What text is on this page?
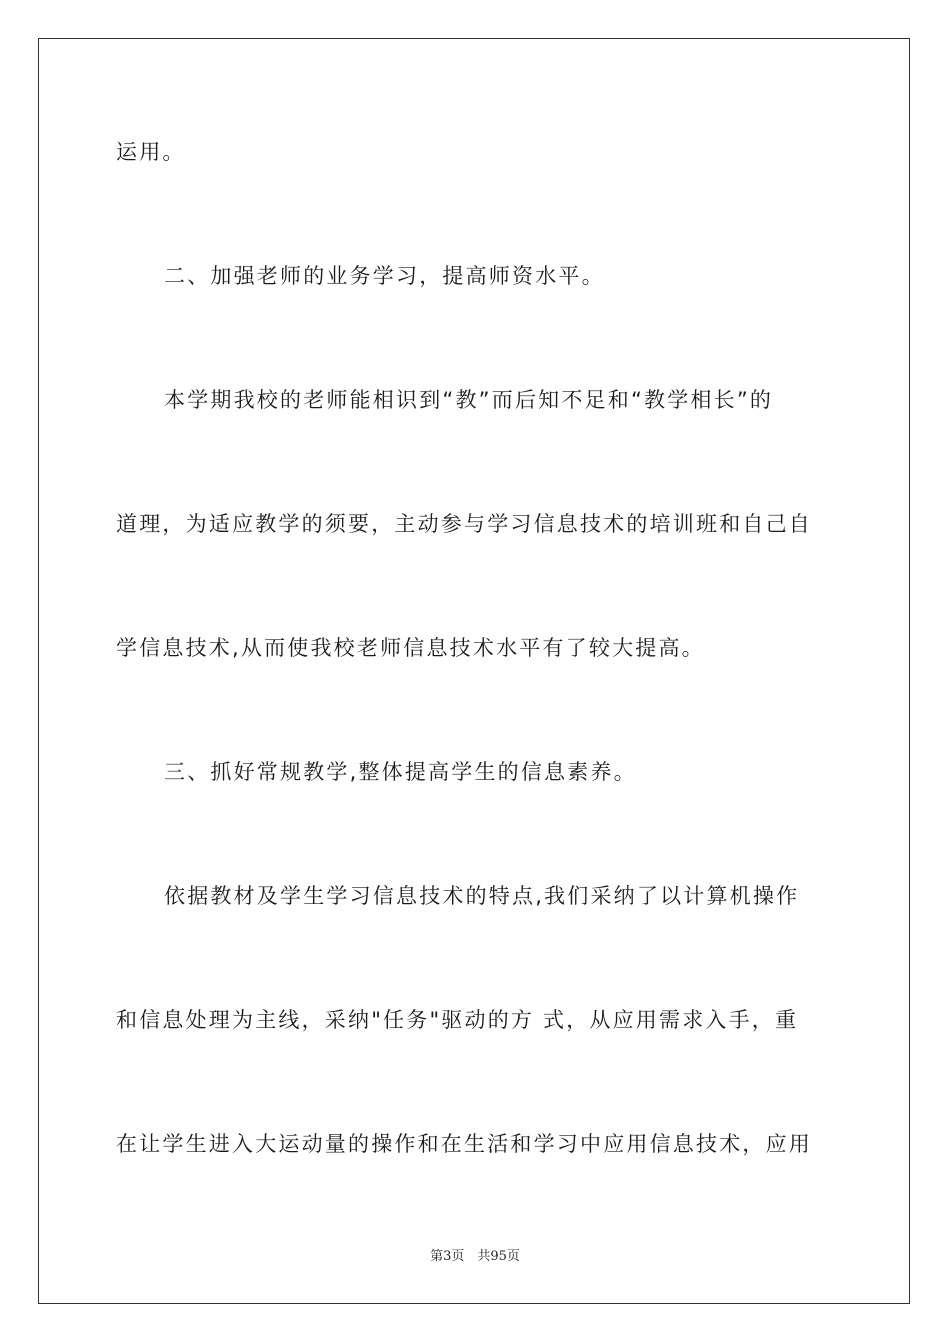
运用。
二、加强老师的业务学习，提高师资水平。
本学期我校的老师能相识到“教”而后知不足和“教学相长”的
道理，为适应教学的须要，主动参与学习信息技术的培训班和自己自
学信息技术,从而使我校老师信息技术水平有了较大提高。
三、抓好常规教学,整体提高学生的信息素养。
依据教材及学生学习信息技术的特点,我们采纳了以计算机操作
和信息处理为主线，采纳"任务"驱动的方 式，从应用需求入手，重
在让学生进入大运动量的操作和在生活和学习中应用信息技术，应用
第3页　共95页
